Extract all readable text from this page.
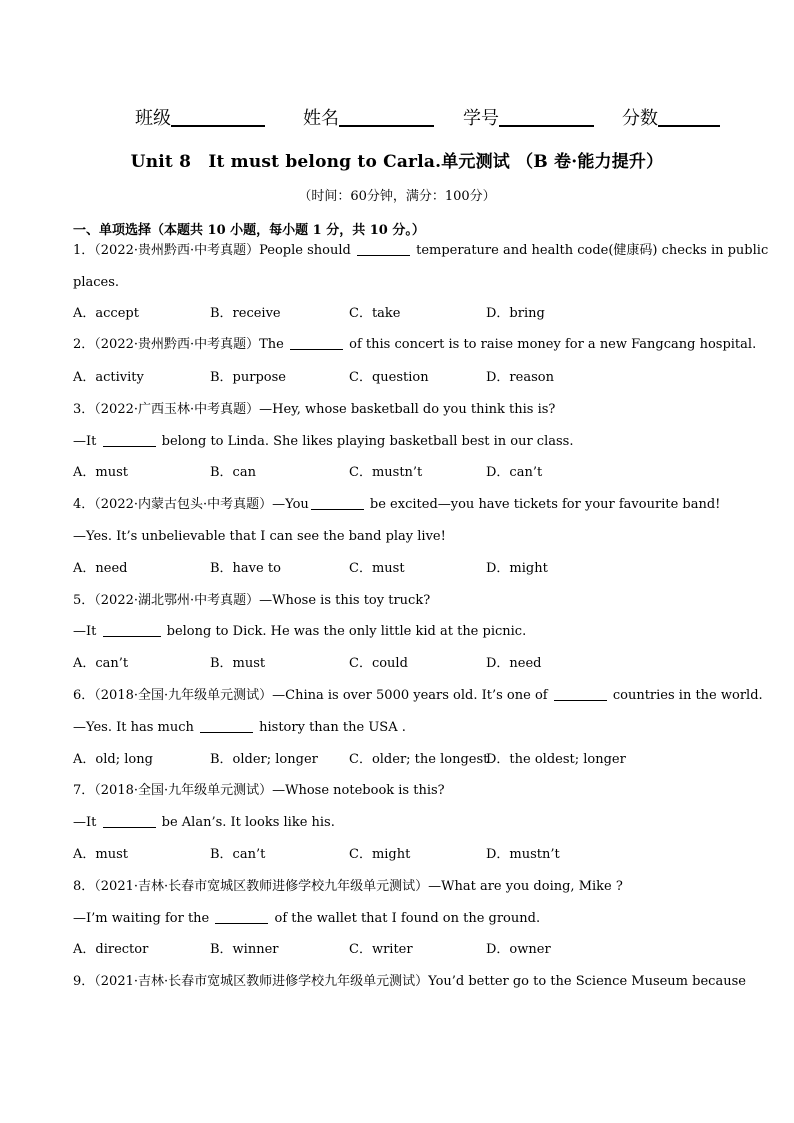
班级	姓名	学号	分数
Unit 8　It must belong to Carla.单元测试 （B 卷·能力提升）
（时间：60分钟，满分：100分）
一、单项选择（本题共 10 小题，每小题 1 分，共 10 分。）
1．（2022·贵州黔西·中考真题）People should	temperature and health code(健康码) checks in public
places.
A．accept	B．receive	C．take	D．bring
2．（2022·贵州黔西·中考真题）The	of this concert is to raise money for a new Fangcang hospital.
A．activity	B．purpose	C．question	D．reason
3．（2022·广西玉林·中考真题）—Hey, whose basketball do you think this is?
—It	belong to Linda. She likes playing basketball best in our class.
A．must	B．can	C．mustn’t	D．can’t
4．（2022·内蒙古包头·中考真题）—You	be excited—you have tickets for your favourite band!
—Yes. It’s unbelievable that I can see the band play live!
A．need	B．have to	C．must	D．might
5．（2022·湖北鄂州·中考真题）—Whose is this toy truck?
—It	belong to Dick. He was the only little kid at the picnic.
A．can’t	B．must	C．could	D．need
6．（2018·全国·九年级单元测试）—China is over 5000 years old. It’s one of	countries in the world.
—Yes. It has much	history than the USA .
A．old; long	B．older; longer C．older; the longest
D．the oldest; longer
7．（2018·全国·九年级单元测试）—Whose notebook is this?
—It	be Alan’s. It looks like his.
A．must	B．can’t	C．might	D．mustn’t
8．（2021·吉林·长春市宽城区教师进修学校九年级单元测试）—What are you doing, Mike ?
—I’m waiting for the	of the wallet that I found on the ground.
A．director	B．winner	C．writer	D．owner
9．（2021·吉林·长春市宽城区教师进修学校九年级单元测试）You’d better go to the Science Museum because
